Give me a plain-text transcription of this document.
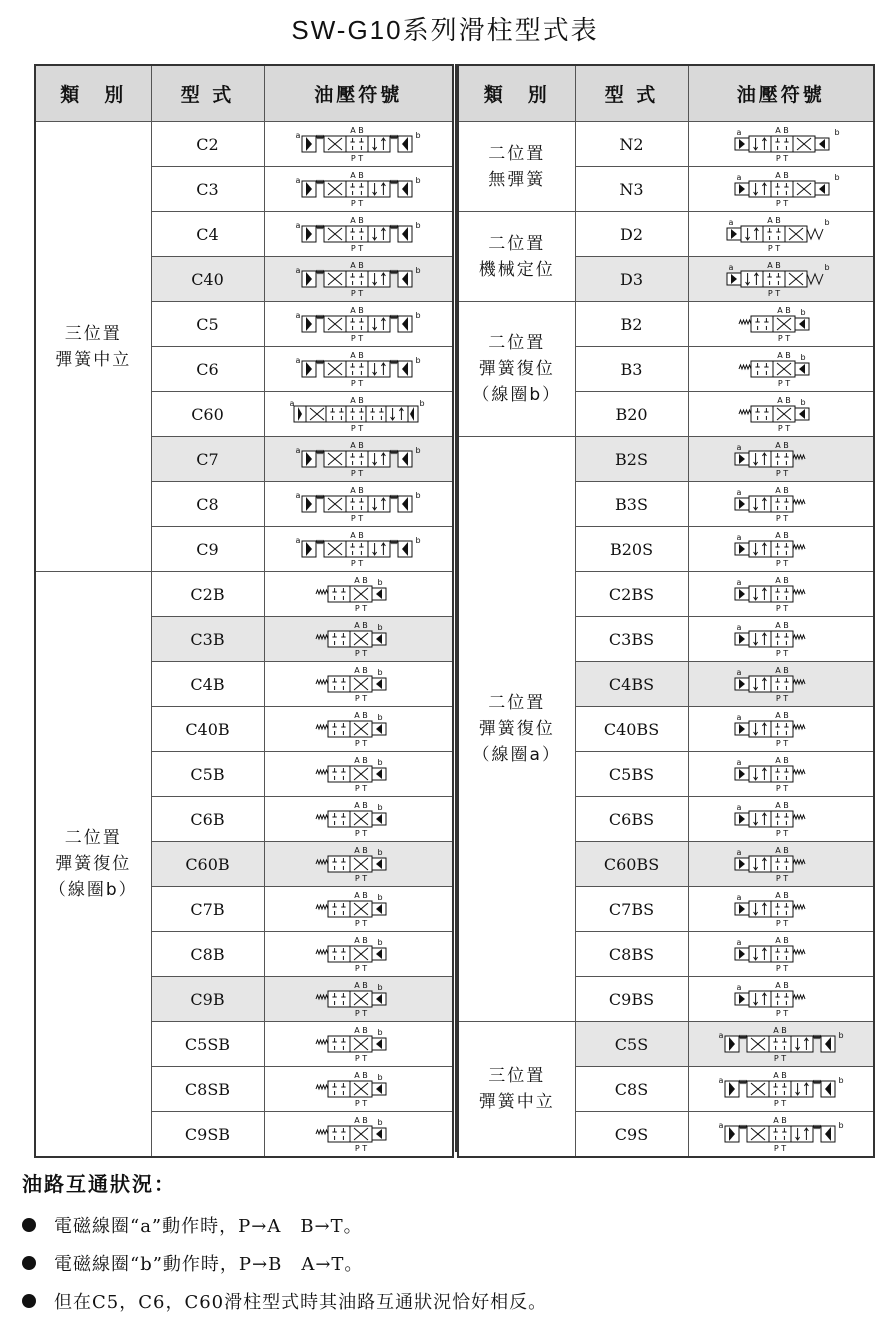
SW-G10系列滑柱型式表
類　別	型 式	油壓符號
三位置
彈簧中立	C2	a b
A B
P T

	C3	a b
A B
P T

	C4	a b
A B
P T

	C40	a b
A B
P T

	C5	a b
A B
P T

	C6	a b
A B
P T

	C60	a b
A B
P T

	C7	a b
A B
P T

	C8	a b
A B
P T

	C9	a b
A B
P T

二位置
彈簧復位
（線圈b）	C2B	b
A B
P T

	C3B	b
A B
P T

	C4B	b
A B
P T

	C40B	b
A B
P T

	C5B	b
A B
P T

	C6B	b
A B
P T

	C60B	b
A B
P T

	C7B	b
A B
P T

	C8B	b
A B
P T

	C9B	b
A B
P T

	C5SB	b
A B
P T

	C8SB	b
A B
P T

	C9SB	b
A B
P T
類　別	型 式	油壓符號
二位置
無彈簧	N2	a b
A B
P T

	N3	a b
A B
P T

二位置
機械定位	D2	a b
A B
P T

	D3	a b
A B
P T

二位置
彈簧復位
（線圈b）	B2	b
A B
P T

	B3	b
A B
P T

	B20	b
A B
P T

二位置
彈簧復位
（線圈a）	B2S	a A B
P T

	B3S	a A B
P T

	B20S	a A B
P T

	C2BS	a A B
P T

	C3BS	a A B
P T

	C4BS	a A B
P T

	C40BS	a A B
P T

	C5BS	a A B
P T

	C6BS	a A B
P T

	C60BS	a A B
P T

	C7BS	a A B
P T

	C8BS	a A B
P T

	C9BS	a A B
P T

三位置
彈簧中立	C5S	a b
A B
P T

	C8S	a b
A B
P T

	C9S	a b
A B
P T
油路互通狀況：
電磁線圈“a”動作時，P→A　B→T。
電磁線圈“b”動作時，P→B　A→T。
但在C5，C6，C60滑柱型式時其油路互通狀況恰好相反。
